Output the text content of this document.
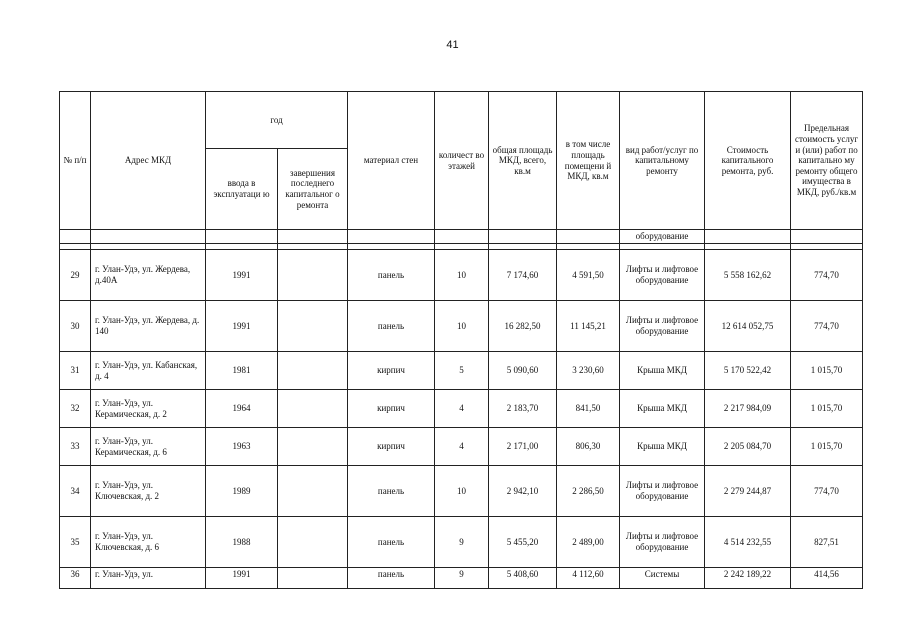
41
№ п/п	Адрес МКД	год		материал стен	количест во этажей	общая площадь МКД, всего, кв.м	в том числе площадь помещени й МКД, кв.м	вид работ/услуг по капитальному ремонту	Стоимость капитального ремонта, руб.	Предельная стоимость услуг и (или) работ по капитально му ремонту общего имущества в МКД, руб./кв.м
		ввода в эксплуатаци ю	завершения последнего капитальног о ремонта							
								оборудование		

29	г. Улан-Удэ, ул. Жердева, д.40А	1991		панель	10	7 174,60	4 591,50	Лифты и лифтовое оборудование	5 558 162,62	774,70
30	г. Улан-Удэ, ул. Жердева, д. 140	1991		панель	10	16 282,50	11 145,21	Лифты и лифтовое оборудование	12 614 052,75	774,70
31	г. Улан-Удэ, ул. Кабанская, д. 4	1981		кирпич	5	5 090,60	3 230,60	Крыша МКД	5 170 522,42	1 015,70
32	г. Улан-Удэ, ул. Керамическая, д. 2	1964		кирпич	4	2 183,70	841,50	Крыша МКД	2 217 984,09	1 015,70
33	г. Улан-Удэ, ул. Керамическая, д. 6	1963		кирпич	4	2 171,00	806,30	Крыша МКД	2 205 084,70	1 015,70
34	г. Улан-Удэ, ул. Ключевская, д. 2	1989		панель	10	2 942,10	2 286,50	Лифты и лифтовое оборудование	2 279 244,87	774,70
35	г. Улан-Удэ, ул. Ключевская, д. 6	1988		панель	9	5 455,20	2 489,00	Лифты и лифтовое оборудование	4 514 232,55	827,51
36	г. Улан-Удэ, ул.	1991		панель	9	5 408,60	4 112,60	Системы	2 242 189,22	414,56
